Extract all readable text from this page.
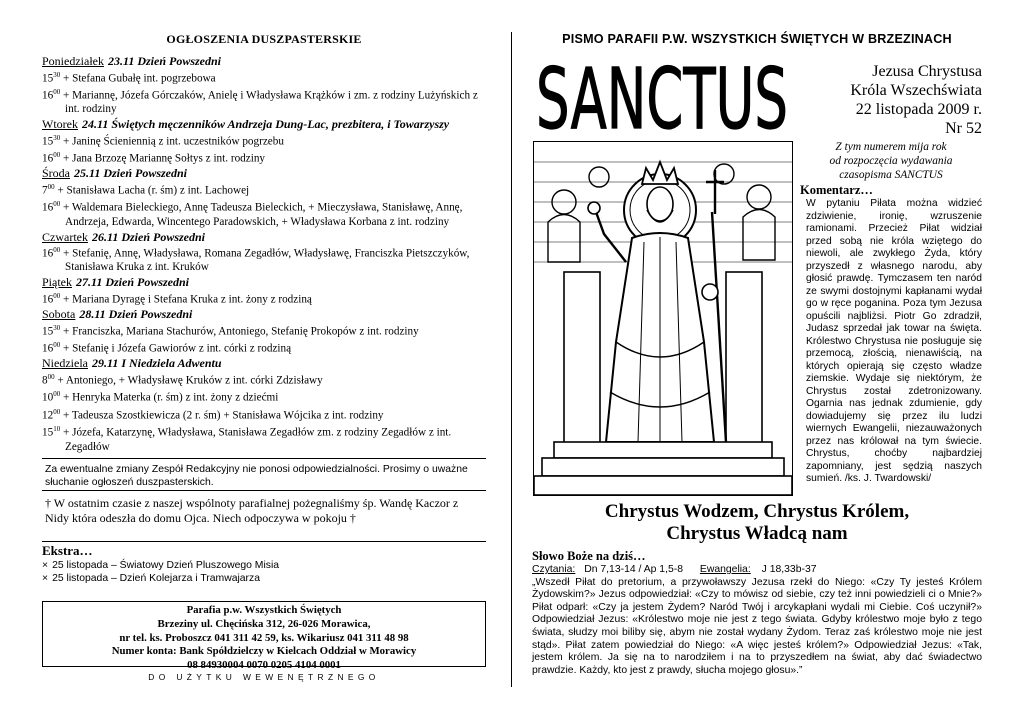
OGŁOSZENIA DUSZPASTERSKIE
Poniedziałek 23.11 Dzień Powszedni
$15^{30}$ + Stefana Gubałę int. pogrzebowa
$16^{00}$ + Mariannę, Józefa Górczaków, Anielę i Władysława Krążków i zm. z rodziny Lużyńskich z int. rodziny
Wtorek 24.11 Świętych męczenników Andrzeja Dung-Lac, prezbitera, i Towarzyszy
$15^{30}$ + Janinę Ścieniennią z int. uczestników pogrzebu
$16^{00}$ + Jana Brzozę Mariannę Sołtys z int. rodziny
Środa 25.11 Dzień Powszedni
$7^{00}$ + Stanisława Lacha (r. śm) z int. Lachowej
$16^{00}$ + Waldemara Bieleckiego, Annę Tadeusza Bieleckich, + Mieczysława, Stanisławę, Annę, Andrzeja, Edwarda, Wincentego Paradowskich, + Władysława Korbana z int. rodziny
Czwartek 26.11 Dzień Powszedni
$16^{00}$ + Stefanię, Annę, Władysława, Romana Zegadłów, Władysławę, Franciszka Pietszczyków, Stanisława Kruka z int. Kruków
Piątek 27.11 Dzień Powszedni
$16^{00}$ + Mariana Dyragę i Stefana Kruka z int. żony z rodziną
Sobota 28.11 Dzień Powszedni
$15^{30}$ + Franciszka, Mariana Stachurów, Antoniego, Stefanię Prokopów z int. rodziny
$16^{00}$ + Stefanię i Józefa Gawiorów z int. córki z rodziną
Niedziela 29.11 I Niedziela Adwentu
$8^{00}$ + Antoniego, + Władysławę Kruków z int. córki Zdzisławy
$10^{00}$ + Henryka Materka (r. śm) z int. żony z dziećmi
$12^{00}$ + Tadeusza Szostkiewicza (2 r. śm) + Stanisława Wójcika z int. rodziny
$15^{10}$ + Józefa, Katarzynę, Władysława, Stanisława Zegadłów zm. z rodziny Zegadłów z int. Zegadłów
Za ewentualne zmiany Zespół Redakcyjny nie ponosi odpowiedzialności. Prosimy o uważne słuchanie ogłoszeń duszpasterskich.
† W ostatnim czasie z naszej wspólnoty parafialnej pożegnaliśmy śp. Wandę Kaczor z Nidy która odeszła do domu Ojca. Niech odpoczywa w pokoju †
Ekstra…
× 25 listopada – Światowy Dzień Pluszowego Misia
× 25 listopada – Dzień Kolejarza i Tramwajarza
Parafia p.w. Wszystkich Świętych
Brzeziny ul. Chęcińska 312, 26-026 Morawica,
nr tel. ks. Proboszcz 041 311 42 59, ks. Wikariusz 041 311 48 98
Numer konta: Bank Spółdzielczy w Kielcach Oddział w Morawicy
08 84930004 0070 0205 4104 0001
DO UŻYTKU WEWENĘTRZNEGO
PISMO PARAFII P.W. WSZYSTKICH ŚWIĘTYCH W BRZEZINACH
SANCTUS	Jezusa Chrystusa
Króla Wszechświata
22 listopada 2009 r.
Nr 52
Z tym numerem mija rok
od rozpoczęcia wydawania
czasopisma SANCTUS
Komentarz…
W pytaniu Piłata można widzieć zdziwienie, ironię, wzruszenie ramionami. Przecież Piłat widział przed sobą nie króla wziętego do niewoli, ale zwykłego Żyda, który przyszedł z własnego narodu, aby głosić prawdę. Tymczasem ten naród ze swymi dostojnymi kapłanami wydał go w ręce poganina. Poza tym Jezusa opuścili najbliżsi. Piotr Go zdradził, Judasz sprzedał jak towar na święta. Królestwo Chrystusa nie posługuje się przemocą, złością, nienawiścią, na których opierają się często władze ziemskie. Wydaje się niektórym, że Chrystus został zdetronizowany. Ogarnia nas jednak zdumienie, gdy dowiadujemy się przez ilu ludzi wiernych Ewangelii, niezauważonych przez nas królował na tym świecie. Chrystus, choćby najbardziej zapomniany, jest sędzią naszych sumień. /ks. J. Twardowski/
Chrystus Wodzem, Chrystus Królem,
Chrystus Władcą nam
Słowo Boże na dziś…
Czytania: Dn 7,13-14 / Ap 1,5-8 Ewangelia: J 18,33b-37
„Wszedł Piłat do pretorium, a przywoławszy Jezusa rzekł do Niego: «Czy Ty jesteś Królem Żydowskim?» Jezus odpowiedział: «Czy to mówisz od siebie, czy też inni powiedzieli ci o Mnie?» Piłat odparł: «Czy ja jestem Żydem? Naród Twój i arcykapłani wydali mi Ciebie. Coś uczynił?» Odpowiedział Jezus: «Królestwo moje nie jest z tego świata. Gdyby królestwo moje było z tego świata, słudzy moi biliby się, abym nie został wydany Żydom. Teraz zaś królestwo moje nie jest stąd». Piłat zatem powiedział do Niego: «A więc jesteś królem?» Odpowiedział Jezus: «Tak, jestem królem. Ja się na to narodziłem i na to przyszedłem na świat, aby dać świadectwo prawdzie. Każdy, kto jest z prawdy, słucha mojego głosu».”
